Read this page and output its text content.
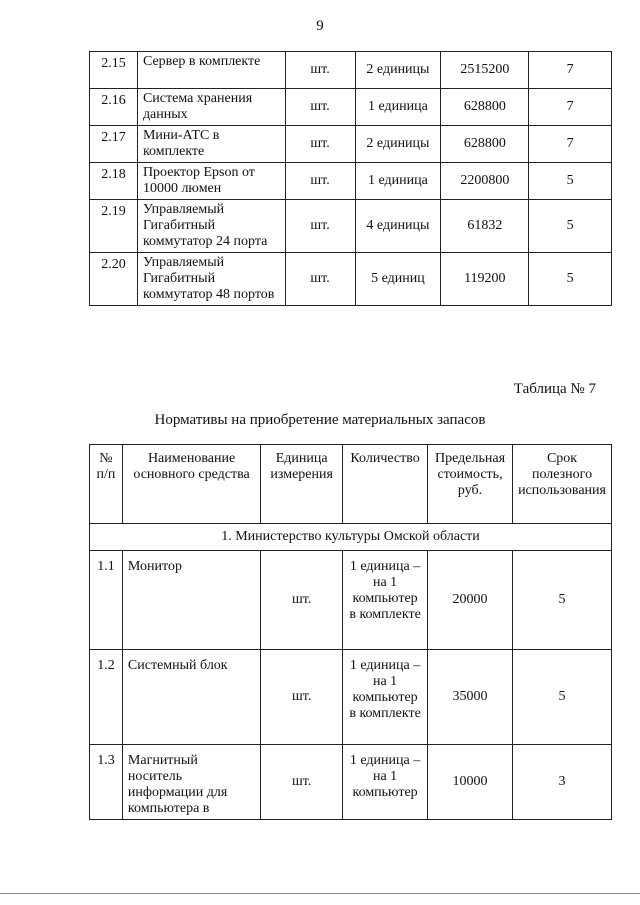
9
2.15	Сервер в комплекте	шт.	2 единицы	2515200	7
2.16	Система хранения данных	шт.	1 единица	628800	7
2.17	Мини-АТС в комплекте	шт.	2 единицы	628800	7
2.18	Проектор Epson от 10000 люмен	шт.	1 единица	2200800	5
2.19	Управляемый Гигабитный коммутатор 24 порта	шт.	4 единицы	61832	5
2.20	Управляемый Гигабитный коммутатор 48 портов	шт.	5 единиц	119200	5
Таблица № 7
Нормативы на приобретение материальных запасов
№ п/п	Наименование основного средства	Единица измерения	Количество	Предельная стоимость, руб.	Срок полезного использования
1. Министерство культуры Омской области					
1.1	Монитор	шт.	1 единица – на 1 компьютер в комплекте	20000	5
1.2	Системный блок	шт.	1 единица – на 1 компьютер в комплекте	35000	5
1.3	Магнитный носитель информации для компьютера в	шт.	1 единица – на 1 компьютер	10000	3
